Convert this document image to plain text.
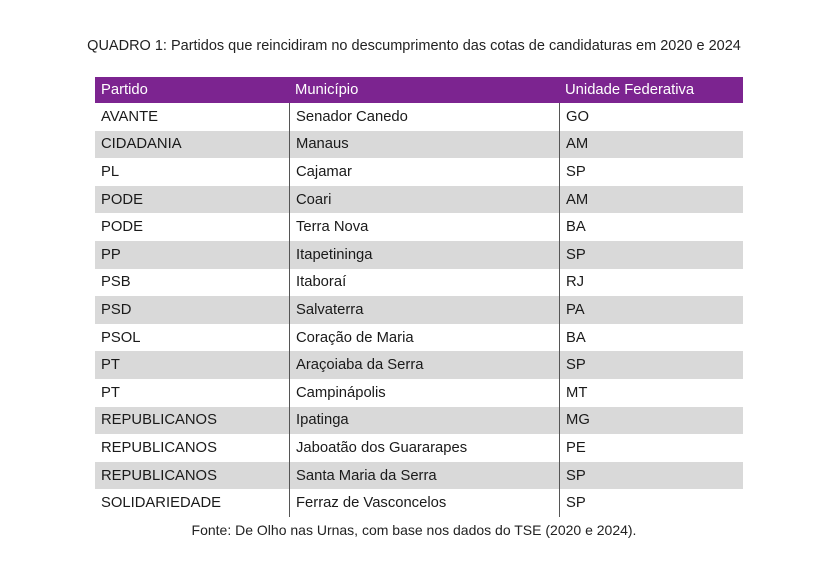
QUADRO 1: Partidos que reincidiram no descumprimento das cotas de candidaturas em 2020 e 2024
Partido	Município	Unidade Federativa
AVANTE	Senador Canedo	GO
CIDADANIA	Manaus	AM
PL	Cajamar	SP
PODE	Coari	AM
PODE	Terra Nova	BA
PP	Itapetininga	SP
PSB	Itaboraí	RJ
PSD	Salvaterra	PA
PSOL	Coração de Maria	BA
PT	Araçoiaba da Serra	SP
PT	Campinápolis	MT
REPUBLICANOS	Ipatinga	MG
REPUBLICANOS	Jaboatão dos Guararapes	PE
REPUBLICANOS	Santa Maria da Serra	SP
SOLIDARIEDADE	Ferraz de Vasconcelos	SP
Fonte: De Olho nas Urnas, com base nos dados do TSE (2020 e 2024).
